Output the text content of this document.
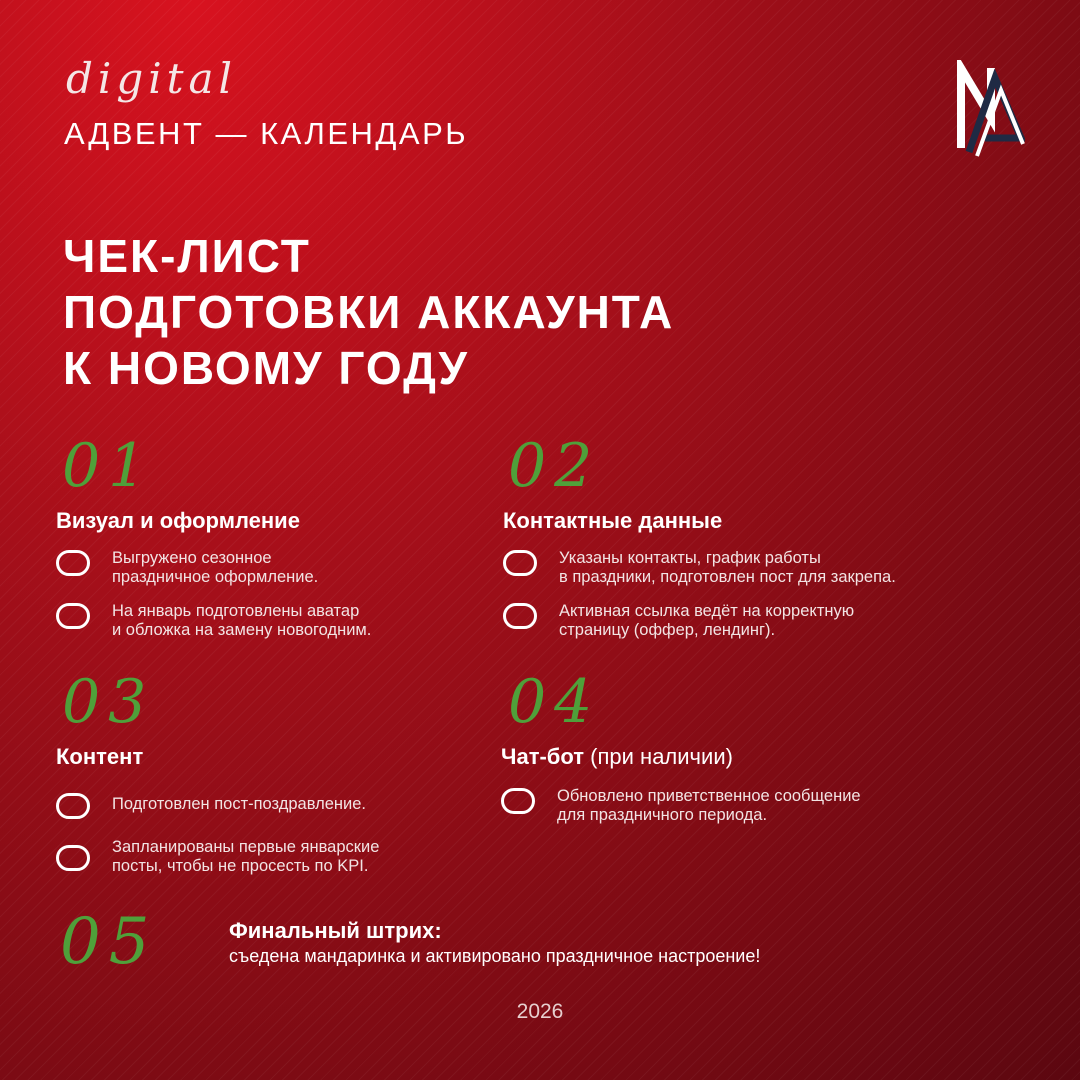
digital
АДВЕНТ — КАЛЕНДАРЬ
ЧЕК-ЛИСТ
ПОДГОТОВКИ АККАУНТА
К НОВОМУ ГОДУ
01
Визуал и оформление
Выгружено сезонное
праздничное оформление.
На январь подготовлены аватар
и обложка на замену новогодним.
02
Контактные данные
Указаны контакты, график работы
в праздники, подготовлен пост для закрепа.
Активная ссылка ведёт на корректную
страницу (оффер, лендинг).
03
Контент
Подготовлен пост-поздравление.
Запланированы первые январские
посты, чтобы не просесть по KPI.
04
Чат-бот (при наличии)
Обновлено приветственное сообщение
для праздничного периода.
05	Финальный штрих:
съедена мандаринка и активировано праздничное настроение!
2026
